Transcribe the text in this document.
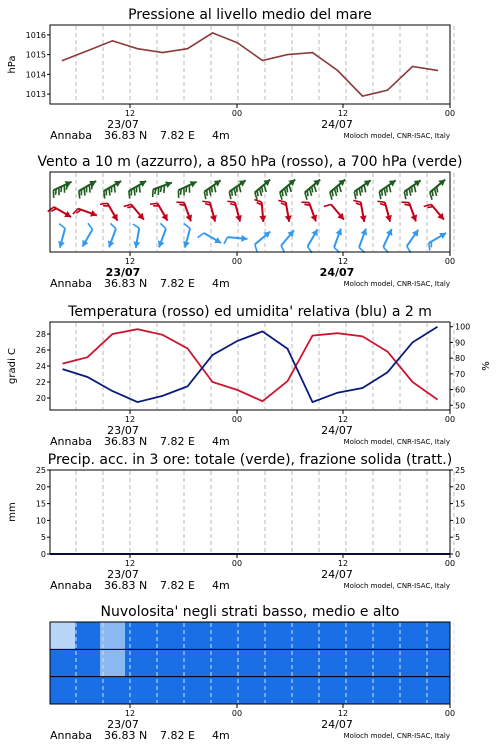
1013
1014
1015
1016
hPa
Pressione al livello medio del mare
12	00	12	00
23/07	24/07
Annaba 36.83 N 7.82 E 4m	Moloch model, CNR-ISAC, Italy
Vento a 10 m (azzurro), a 850 hPa (rosso), a 700 hPa (verde)
12	00	12	00
23/07	24/07
Annaba 36.83 N 7.82 E 4m	Moloch model, CNR-ISAC, Italy
20
22
24
26
28
50
60
70
80
90
100
gradi C	%
Temperatura (rosso) ed umidita' relativa (blu) a 2 m
12	00	12	00
23/07	24/07
Annaba 36.83 N 7.82 E 4m	Moloch model, CNR-ISAC, Italy
0	0
5	5
10	10
15	15
20	20
25	25
mm
Precip. acc. in 3 ore: totale (verde), frazione solida (tratt.)
12	00	12	00
23/07	24/07
Annaba 36.83 N 7.82 E 4m	Moloch model, CNR-ISAC, Italy
Nuvolosita' negli strati basso, medio e alto
12	00	12	00
23/07	24/07
Annaba 36.83 N 7.82 E 4m	Moloch model, CNR-ISAC, Italy
